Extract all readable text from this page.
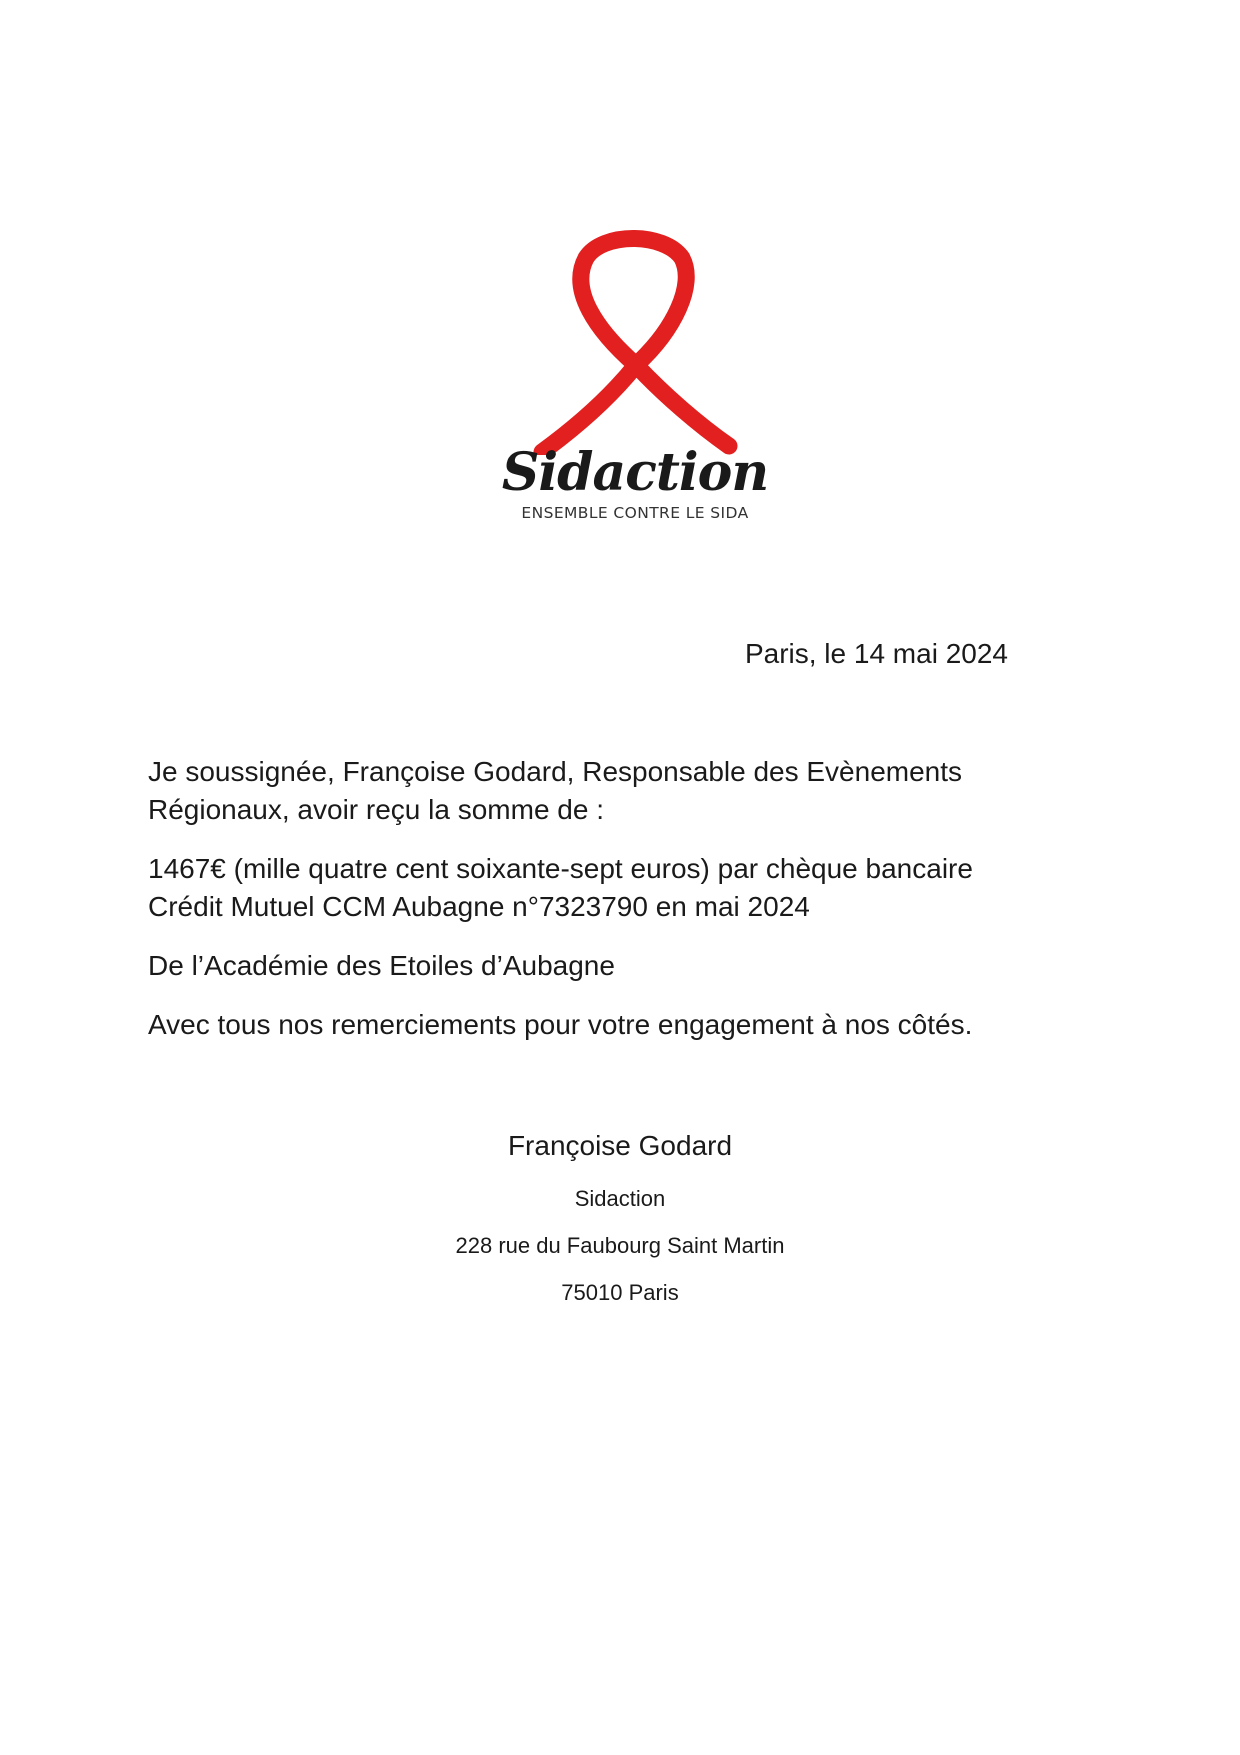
Sidaction
ENSEMBLE CONTRE LE SIDA
Paris, le 14 mai 2024

Je soussignée, Françoise Godard, Responsable des Evènements Régionaux, avoir reçu la somme de :

1467€ (mille quatre cent soixante-sept euros) par chèque bancaire Crédit Mutuel CCM Aubagne n°7323790 en mai 2024

De l’Académie des Etoiles d’Aubagne

Avec tous nos remerciements pour votre engagement à nos côtés.

Françoise Godard

Sidaction

228 rue du Faubourg Saint Martin

75010 Paris
